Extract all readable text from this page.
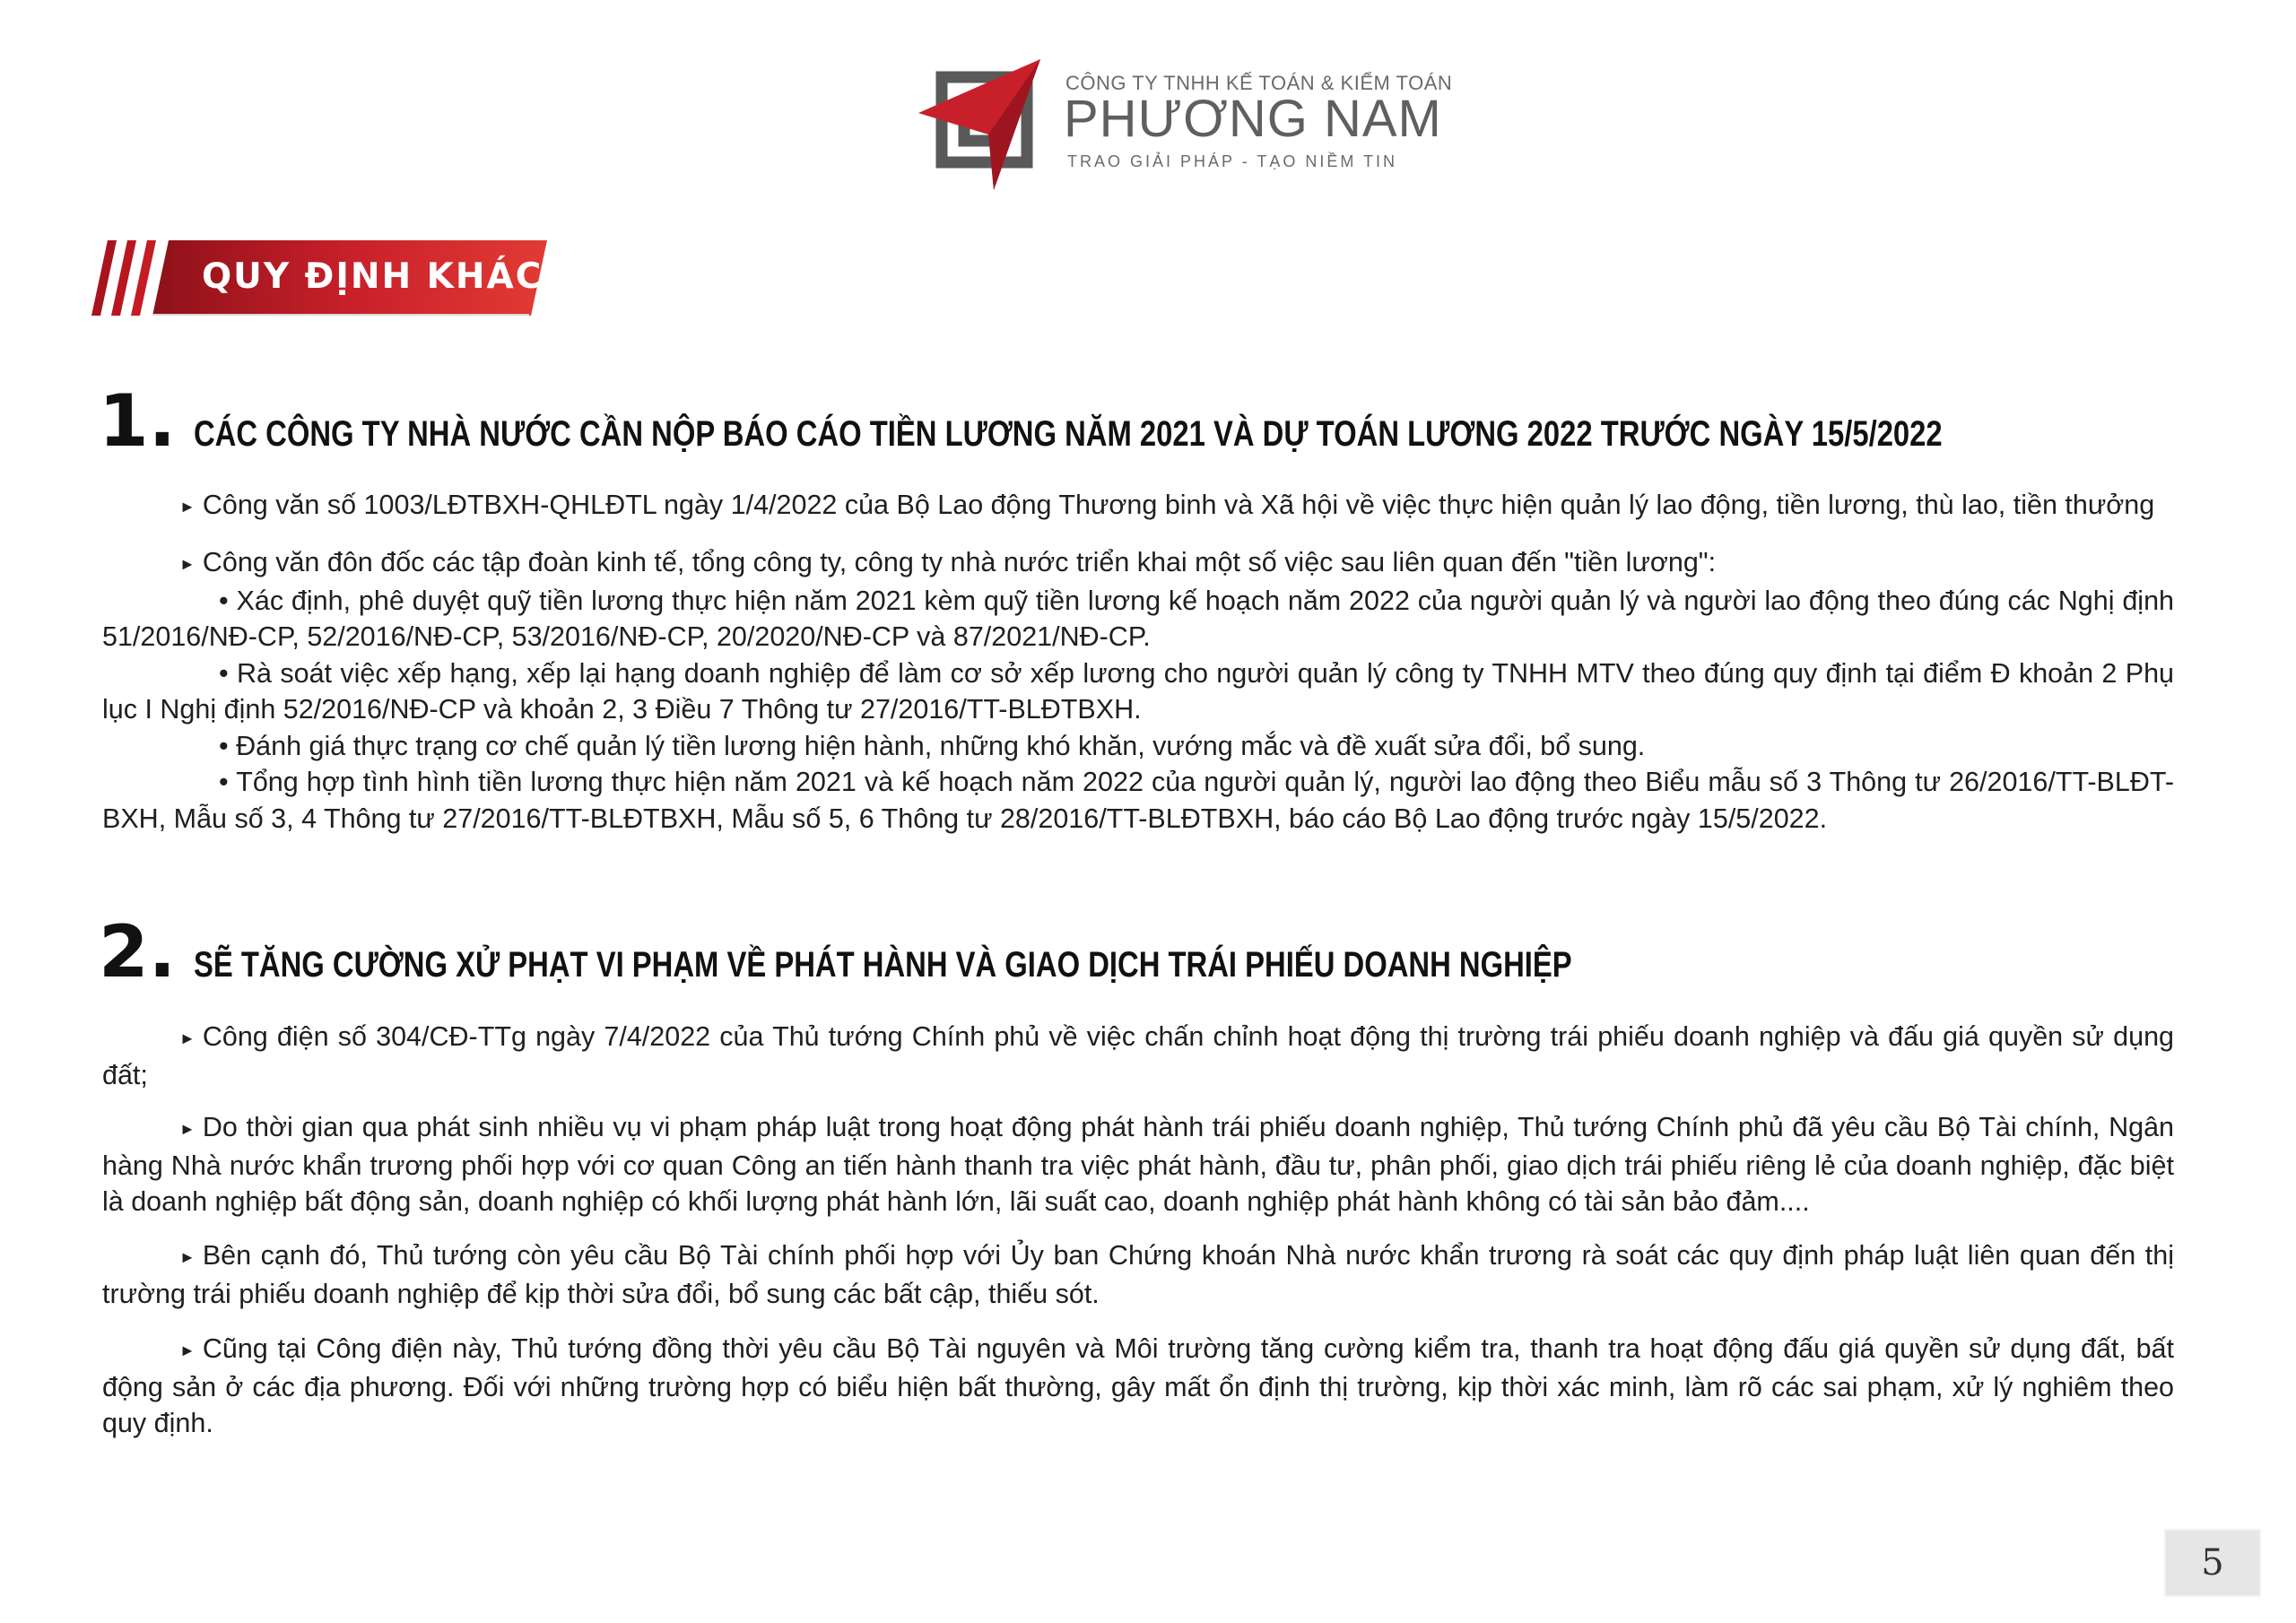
CÔNG TY TNHH KẾ TOÁN & KIỂM TOÁN
PHƯƠNG NAM
TRAO GIẢI PHÁP - TẠO NIỀM TIN
QUY ĐỊNH KHÁC
1. CÁC CÔNG TY NHÀ NƯỚC CẦN NỘP BÁO CÁO TIỀN LƯƠNG NĂM 2021 VÀ DỰ TOÁN LƯƠNG 2022 TRƯỚC NGÀY 15/5/2022
► Công văn số 1003/LĐTBXH-QHLĐTL ngày 1/4/2022 của Bộ Lao động Thương binh và Xã hội về việc thực hiện quản lý lao động, tiền lương, thù lao, tiền thưởng
► Công văn đôn đốc các tập đoàn kinh tế, tổng công ty, công ty nhà nước triển khai một số việc sau liên quan đến "tiền lương":
• Xác định, phê duyệt quỹ tiền lương thực hiện năm 2021 kèm quỹ tiền lương kế hoạch năm 2022 của người quản lý và người lao động theo đúng các Nghị định 51/2016/NĐ-CP, 52/2016/NĐ-CP, 53/2016/NĐ-CP, 20/2020/NĐ-CP và 87/2021/NĐ-CP.
• Rà soát việc xếp hạng, xếp lại hạng doanh nghiệp để làm cơ sở xếp lương cho người quản lý công ty TNHH MTV theo đúng quy định tại điểm Đ khoản 2 Phụ lục I Nghị định 52/2016/NĐ-CP và khoản 2, 3 Điều 7 Thông tư 27/2016/TT-BLĐTBXH.
• Đánh giá thực trạng cơ chế quản lý tiền lương hiện hành, những khó khăn, vướng mắc và đề xuất sửa đổi, bổ sung.
• Tổng hợp tình hình tiền lương thực hiện năm 2021 và kế hoạch năm 2022 của người quản lý, người lao động theo Biểu mẫu số 3 Thông tư 26/2016/TT-BLĐT-BXH, Mẫu số 3, 4 Thông tư 27/2016/TT-BLĐTBXH, Mẫu số 5, 6 Thông tư 28/2016/TT-BLĐTBXH, báo cáo Bộ Lao động trước ngày 15/5/2022.
2. SẼ TĂNG CƯỜNG XỬ PHẠT VI PHẠM VỀ PHÁT HÀNH VÀ GIAO DỊCH TRÁI PHIẾU DOANH NGHIỆP
► Công điện số 304/CĐ-TTg ngày 7/4/2022 của Thủ tướng Chính phủ về việc chấn chỉnh hoạt động thị trường trái phiếu doanh nghiệp và đấu giá quyền sử dụng đất;
► Do thời gian qua phát sinh nhiều vụ vi phạm pháp luật trong hoạt động phát hành trái phiếu doanh nghiệp, Thủ tướng Chính phủ đã yêu cầu Bộ Tài chính, Ngân hàng Nhà nước khẩn trương phối hợp với cơ quan Công an tiến hành thanh tra việc phát hành, đầu tư, phân phối, giao dịch trái phiếu riêng lẻ của doanh nghiệp, đặc biệt là doanh nghiệp bất động sản, doanh nghiệp có khối lượng phát hành lớn, lãi suất cao, doanh nghiệp phát hành không có tài sản bảo đảm....
► Bên cạnh đó, Thủ tướng còn yêu cầu Bộ Tài chính phối hợp với Ủy ban Chứng khoán Nhà nước khẩn trương rà soát các quy định pháp luật liên quan đến thị trường trái phiếu doanh nghiệp để kịp thời sửa đổi, bổ sung các bất cập, thiếu sót.
► Cũng tại Công điện này, Thủ tướng đồng thời yêu cầu Bộ Tài nguyên và Môi trường tăng cường kiểm tra, thanh tra hoạt động đấu giá quyền sử dụng đất, bất động sản ở các địa phương. Đối với những trường hợp có biểu hiện bất thường, gây mất ổn định thị trường, kịp thời xác minh, làm rõ các sai phạm, xử lý nghiêm theo quy định.
5
